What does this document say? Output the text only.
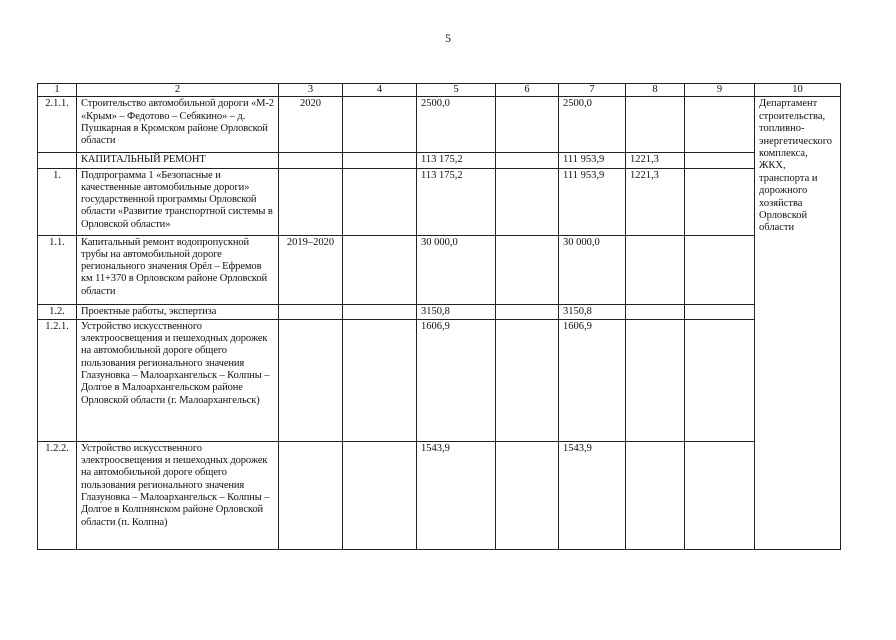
5
1	2	3	4	5	6	7	8	9	10
2.1.1.	Строительство автомобильной дороги «М-2 «Крым» – Федотово – Себякино» – д. Пушкарная в Кромском районе Орловской области	2020		2500,0		2500,0			Департамент строительства, топливно-энергетического комплекса, ЖКХ, транспорта и дорожного хозяйства Орловской области
	КАПИТАЛЬНЫЙ РЕМОНТ			113 175,2		111 953,9	1221,3		
1.	Подпрограмма 1 «Безопасные и качественные автомобильные дороги» государственной программы Орловской области «Развитие транспортной системы в Орловской области»			113 175,2		111 953,9	1221,3		
1.1.	Капитальный ремонт водопропускной трубы на автомобильной дороге регионального значения Орёл – Ефремов км 11+370 в Орловском районе Орловской области	2019–2020		30 000,0		30 000,0			
1.2.	Проектные работы, экспертиза			3150,8		3150,8			
1.2.1.	Устройство искусственного электроосвещения и пешеходных дорожек на автомобильной дороге общего пользования регионального значения Глазуновка – Малоархангельск – Колпны – Долгое в Малоархангельском районе Орловской области (г. Малоархангельск)			1606,9		1606,9			
1.2.2.	Устройство искусственного электроосвещения и пешеходных дорожек на автомобильной дороге общего пользования регионального значения Глазуновка – Малоархангельск – Колпны – Долгое в Колпнянском районе Орловской области (п. Колпна)			1543,9		1543,9			
